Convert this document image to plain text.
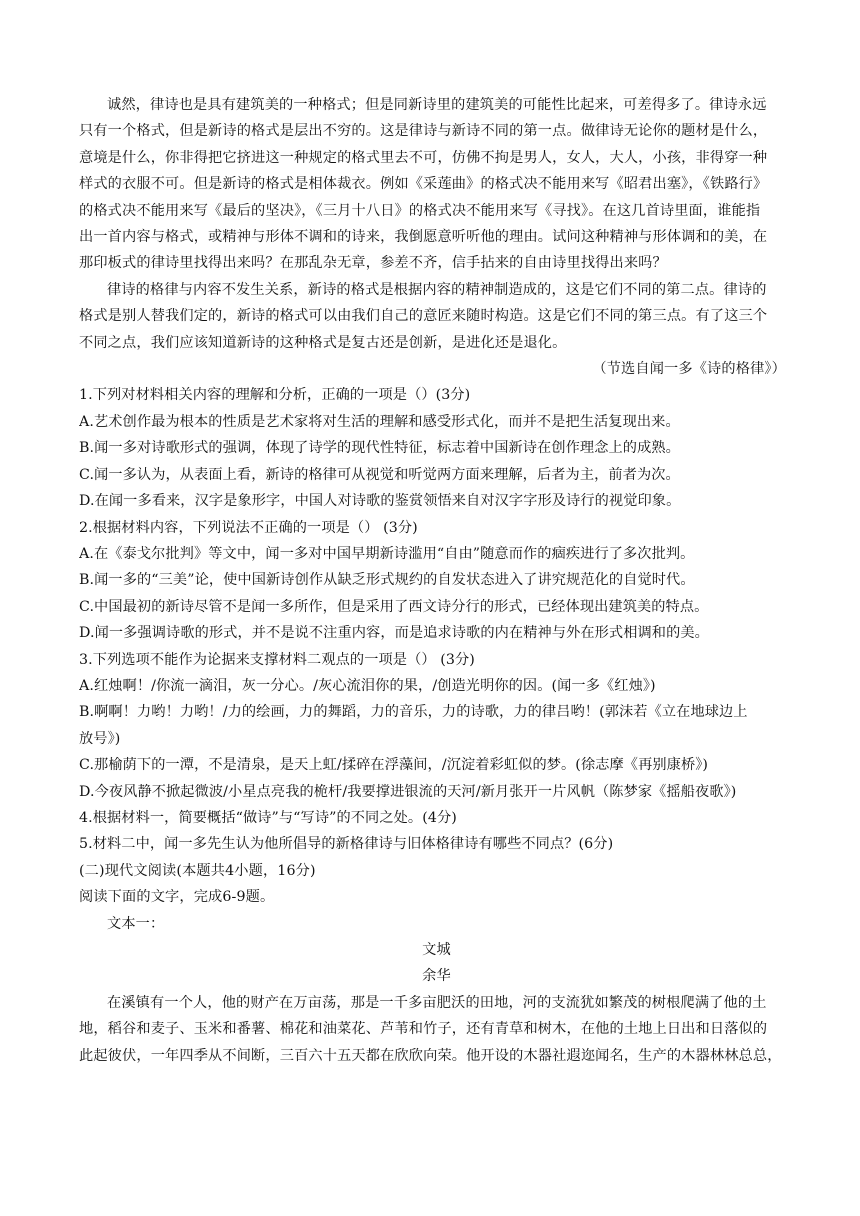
诚然，律诗也是具有建筑美的一种格式；但是同新诗里的建筑美的可能性比起来，可差得多了。律诗永远
只有一个格式，但是新诗的格式是层出不穷的。这是律诗与新诗不同的第一点。做律诗无论你的题材是什么，
意境是什么，你非得把它挤进这一种规定的格式里去不可，仿佛不拘是男人，女人，大人，小孩，非得穿一种
样式的衣服不可。但是新诗的格式是相体裁衣。例如《采莲曲》的格式决不能用来写《昭君出塞》，《铁路行》
的格式决不能用来写《最后的坚决》，《三月十八日》的格式决不能用来写《寻找》。在这几首诗里面，谁能指
出一首内容与格式，或精神与形体不调和的诗来，我倒愿意听听他的理由。试问这种精神与形体调和的美，在
那印板式的律诗里找得出来吗？在那乱杂无章，参差不齐，信手拈来的自由诗里找得出来吗？
律诗的格律与内容不发生关系，新诗的格式是根据内容的精神制造成的，这是它们不同的第二点。律诗的
格式是别人替我们定的，新诗的格式可以由我们自己的意匠来随时构造。这是它们不同的第三点。有了这三个
不同之点，我们应该知道新诗的这种格式是复古还是创新，是进化还是退化。
（节选自闻一多《诗的格律》）
1.下列对材料相关内容的理解和分析，正确的一项是（）(3分)
A.艺术创作最为根本的性质是艺术家将对生活的理解和感受形式化，而并不是把生活复现出来。
B.闻一多对诗歌形式的强调，体现了诗学的现代性特征，标志着中国新诗在创作理念上的成熟。
C.闻一多认为，从表面上看，新诗的格律可从视觉和听觉两方面来理解，后者为主，前者为次。
D.在闻一多看来，汉字是象形字，中国人对诗歌的鉴赏领悟来自对汉字字形及诗行的视觉印象。
2.根据材料内容，下列说法不正确的一项是（） (3分)
A.在《泰戈尔批判》等文中，闻一多对中国早期新诗滥用“自由”随意而作的痼疾进行了多次批判。
B.闻一多的“三美”论，使中国新诗创作从缺乏形式规约的自发状态进入了讲究规范化的自觉时代。
C.中国最初的新诗尽管不是闻一多所作，但是采用了西文诗分行的形式，已经体现出建筑美的特点。
D.闻一多强调诗歌的形式，并不是说不注重内容，而是追求诗歌的内在精神与外在形式相调和的美。
3.下列选项不能作为论据来支撑材料二观点的一项是（） (3分)
A.红烛啊！/你流一滴泪，灰一分心。/灰心流泪你的果，/创造光明你的因。(闻一多《红烛》)
B.啊啊！力哟！力哟！/力的绘画，力的舞蹈，力的音乐，力的诗歌，力的律吕哟！(郭沫若《立在地球边上
放号》)
C.那榆荫下的一潭，不是清泉，是天上虹/揉碎在浮藻间，/沉淀着彩虹似的梦。(徐志摩《再别康桥》)
D.今夜风静不掀起微波/小星点亮我的桅杆/我要撑进银流的天河/新月张开一片风帆（陈梦家《摇船夜歌》)
4.根据材料一，简要概括“做诗”与“写诗”的不同之处。(4分)
5.材料二中，闻一多先生认为他所倡导的新格律诗与旧体格律诗有哪些不同点？(6分)
(二)现代文阅读(本题共4小题，16分)
阅读下面的文字，完成6-9题。
文本一：
文城
余华
在溪镇有一个人，他的财产在万亩荡，那是一千多亩肥沃的田地，河的支流犹如繁茂的树根爬满了他的土
地，稻谷和麦子、玉米和番薯、棉花和油菜花、芦苇和竹子，还有青草和树木，在他的土地上日出和日落似的
此起彼伏，一年四季从不间断，三百六十五天都在欣欣向荣。他开设的木器社遐迩闻名，生产的木器林林总总，
